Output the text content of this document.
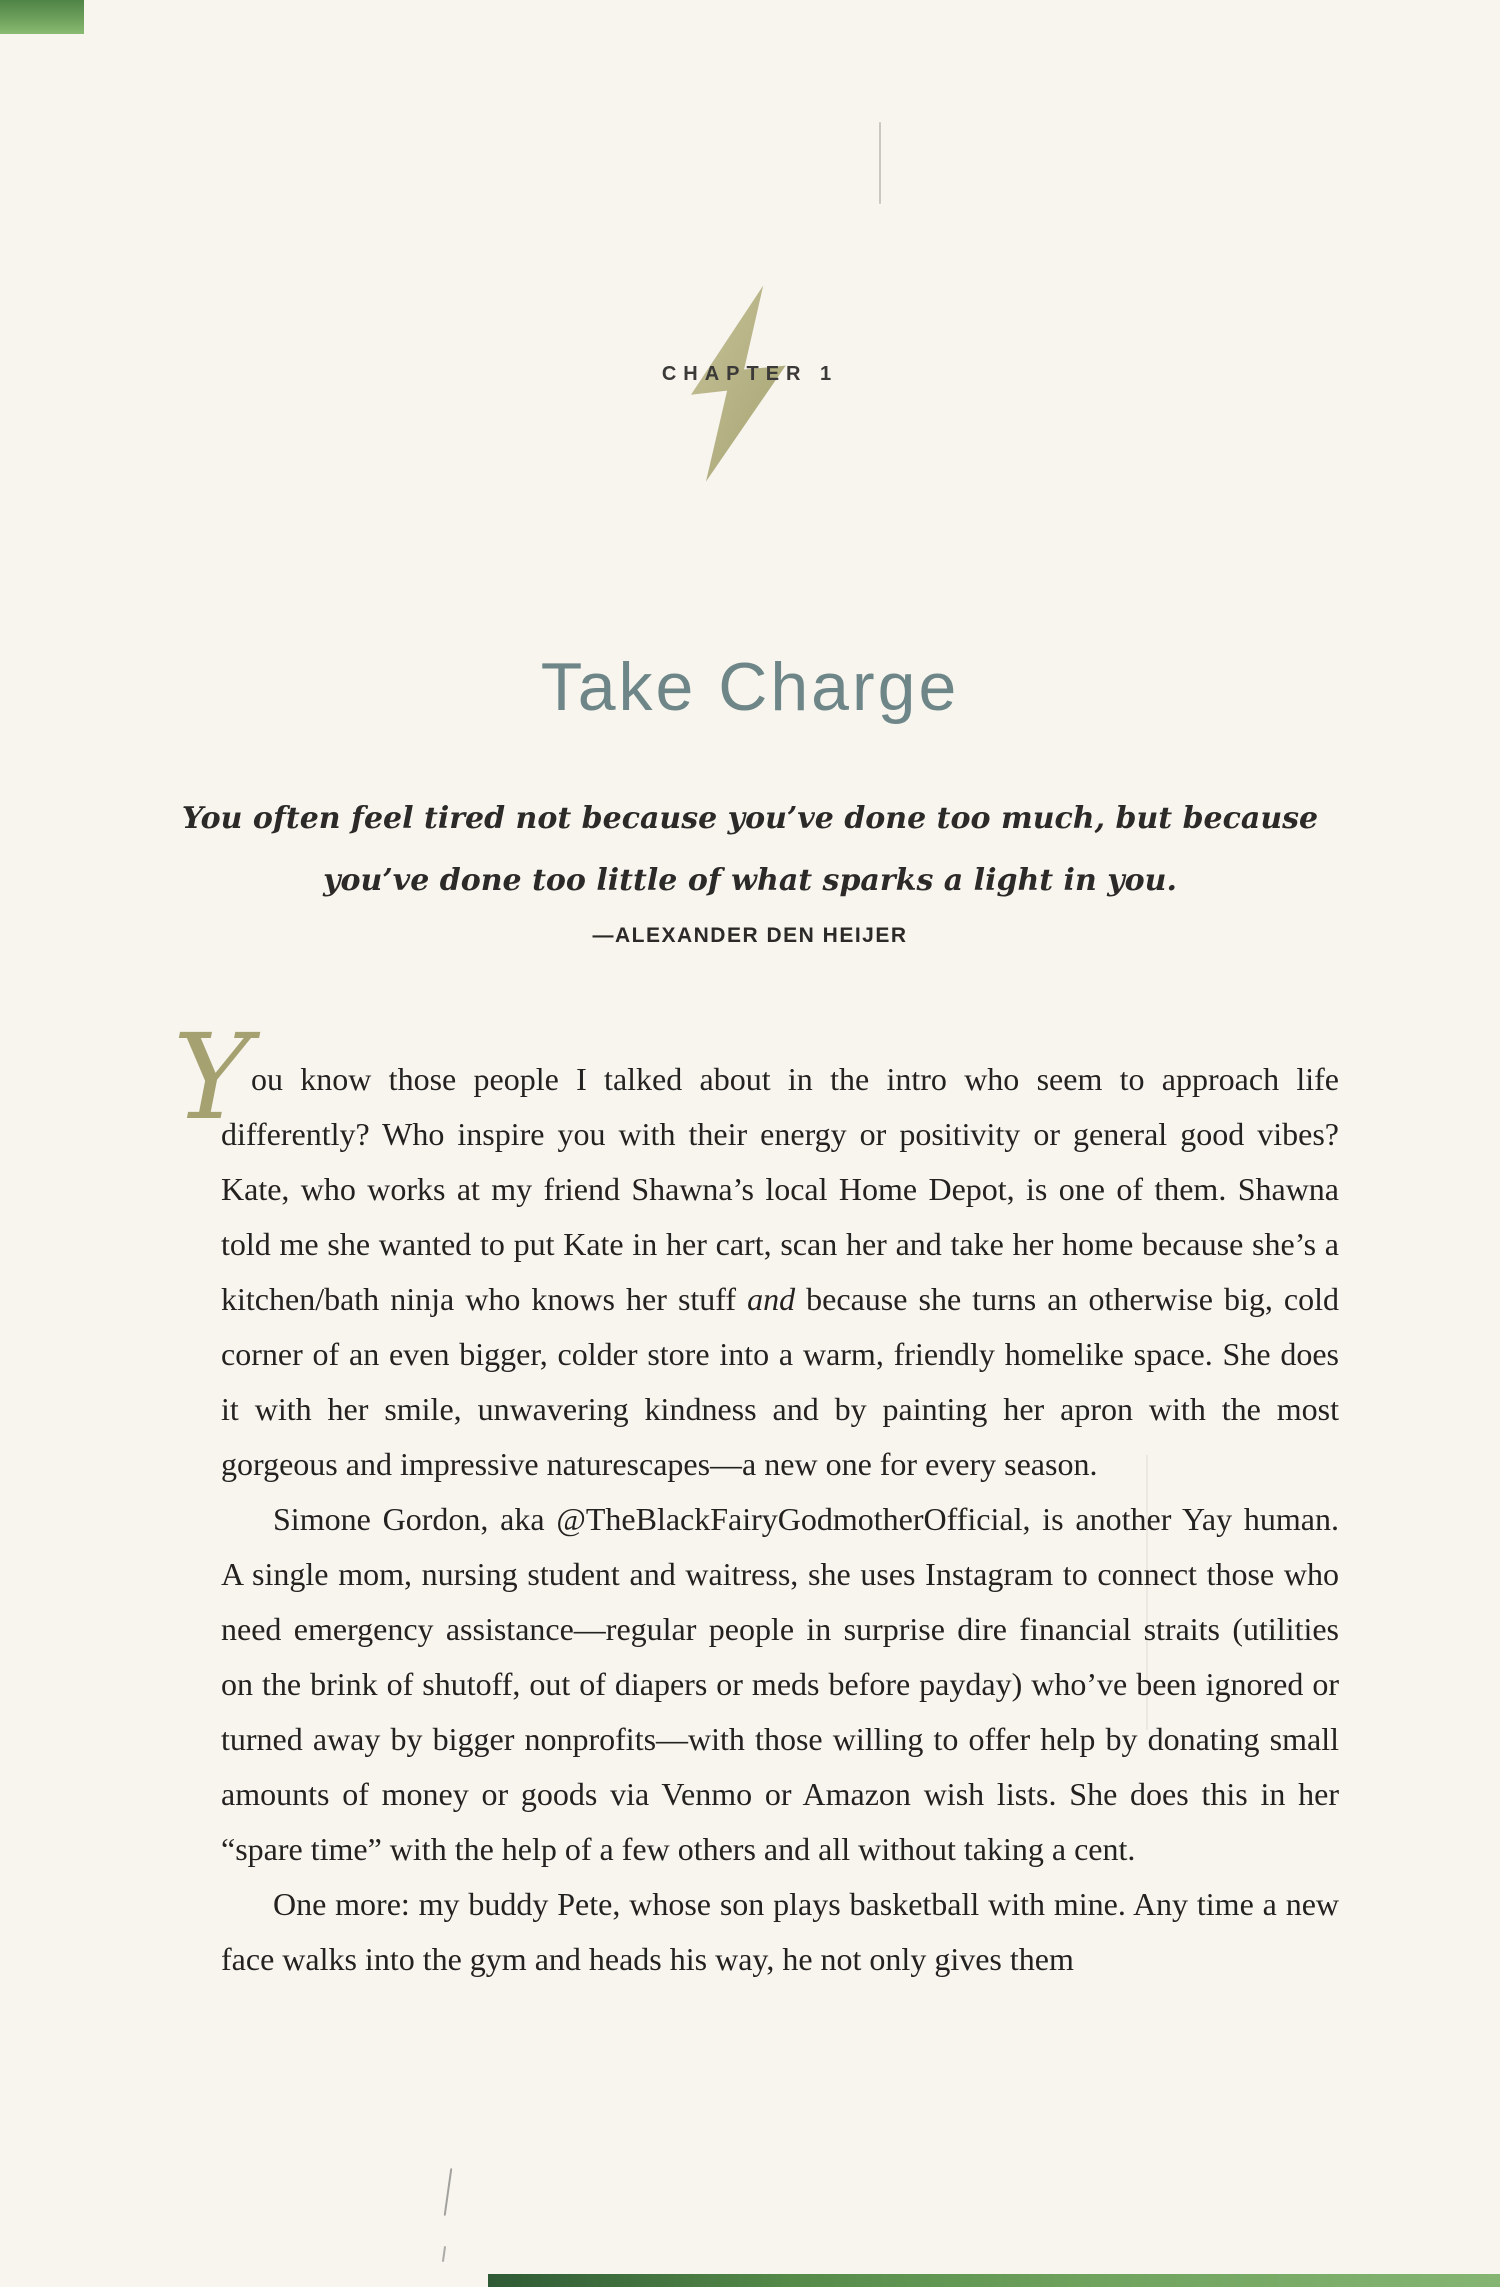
CHAPTER 1
Take Charge
You often feel tired not because you’ve done too much, but because
you’ve done too little of what sparks a light in you.
—ALEXANDER DEN HEIJER

Y ou know those people I talked about in the intro who seem to approach life differently? Who inspire you with their energy or positivity or general good vibes? Kate, who works at my friend Shawna’s local Home Depot, is one of them. Shawna told me she wanted to put Kate in her cart, scan her and take her home because she’s a kitchen/bath ninja who knows her stuff and because she turns an otherwise big, cold corner of an even bigger, colder store into a warm, friendly homelike space. She does it with her smile, unwavering kindness and by painting her apron with the most gorgeous and impressive naturescapes—a new one for every season.

Simone Gordon, aka @TheBlackFairyGodmotherOfficial, is another Yay human. A single mom, nursing student and waitress, she uses Instagram to connect those who need emergency assistance—regular people in surprise dire financial straits (utilities on the brink of shutoff, out of diapers or meds before payday) who’ve been ignored or turned away by bigger nonprofits—with those willing to offer help by donating small amounts of money or goods via Venmo or Amazon wish lists. She does this in her “spare time” with the help of a few others and all without taking a cent.

One more: my buddy Pete, whose son plays basketball with mine. Any time a new face walks into the gym and heads his way, he not only gives them
